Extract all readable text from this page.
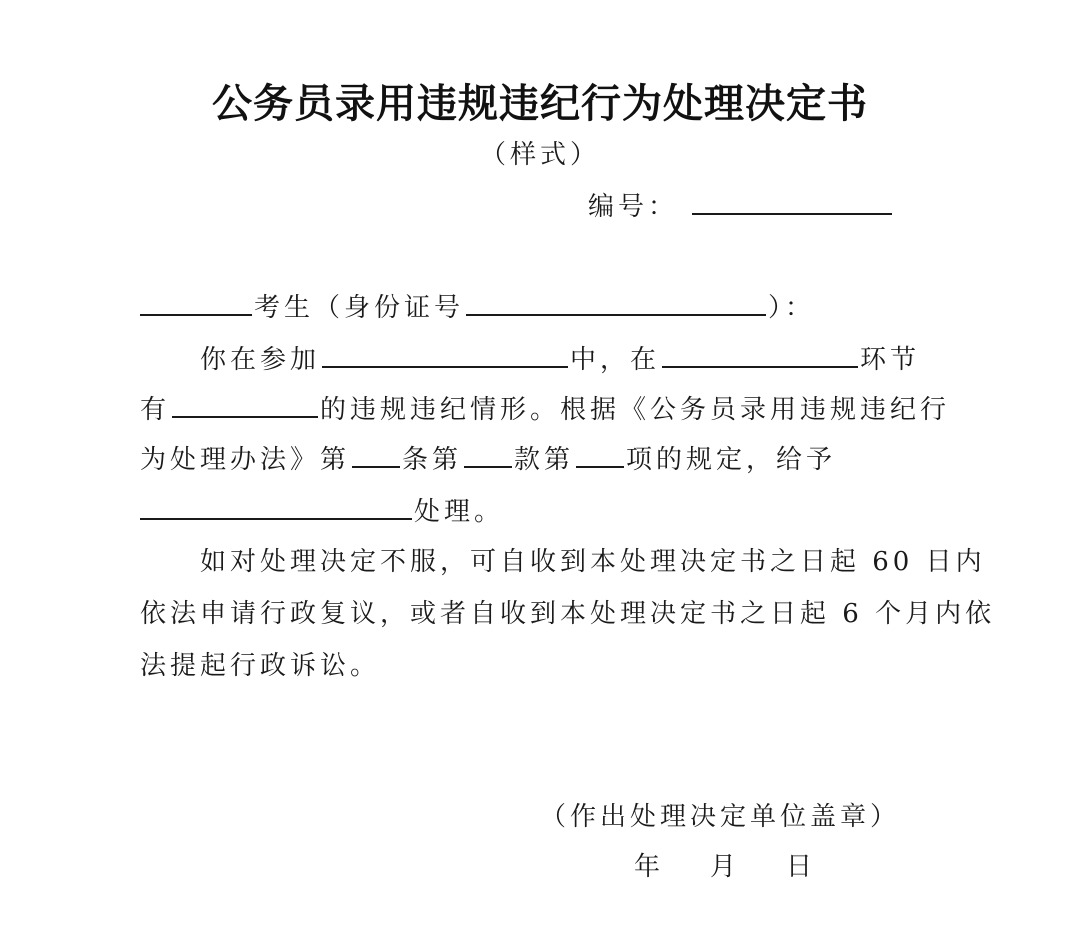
公务员录用违规违纪行为处理决定书
（样式）
编号：
考生（身份证号	）：
你在参加	中，在	环节
有	的违规违纪情形。根据《公务员录用违规违纪行
为处理办法》第 条第 款第 项的规定，给予
处理。
如对处理决定不服，可自收到本处理决定书之日起 60 日内
依法申请行政复议，或者自收到本处理决定书之日起 6 个月内依
法提起行政诉讼。
（作出处理决定单位盖章）
年 月 日
